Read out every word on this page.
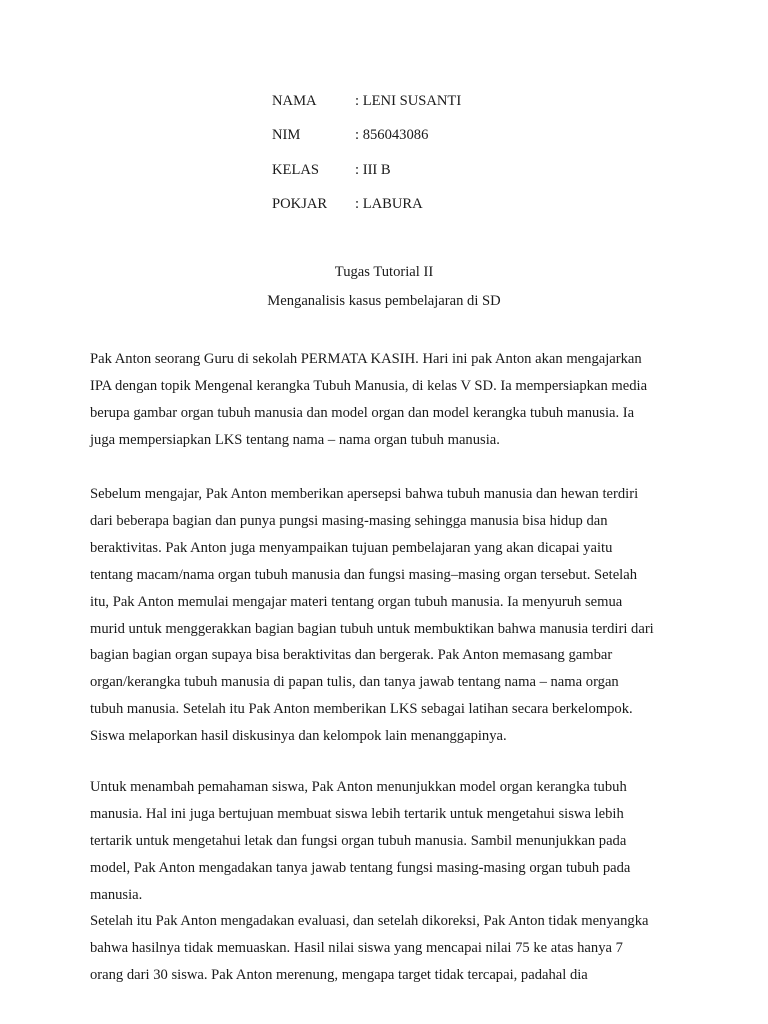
NAMA	: LENI SUSANTI
NIM	: 856043086
KELAS	: III B
POKJAR	: LABURA
Tugas Tutorial II
Menganalisis kasus pembelajaran di SD

Pak Anton seorang Guru di sekolah PERMATA KASIH. Hari ini pak Anton akan mengajarkan
IPA dengan topik Mengenal kerangka Tubuh Manusia, di kelas V SD. Ia mempersiapkan media
berupa gambar organ tubuh manusia dan model organ dan model kerangka tubuh manusia. Ia
juga mempersiapkan LKS tentang nama – nama organ tubuh manusia.

Sebelum mengajar, Pak Anton memberikan apersepsi bahwa tubuh manusia dan hewan terdiri
dari beberapa bagian dan punya pungsi masing-masing sehingga manusia bisa hidup dan
beraktivitas. Pak Anton juga menyampaikan tujuan pembelajaran yang akan dicapai yaitu
tentang macam/nama organ tubuh manusia dan fungsi masing–masing organ tersebut. Setelah
itu, Pak Anton memulai mengajar materi tentang organ tubuh manusia. Ia menyuruh semua
murid untuk menggerakkan bagian bagian tubuh untuk membuktikan bahwa manusia terdiri dari
bagian bagian organ supaya bisa beraktivitas dan bergerak. Pak Anton memasang gambar
organ/kerangka tubuh manusia di papan tulis, dan tanya jawab tentang nama – nama organ
tubuh manusia. Setelah itu Pak Anton memberikan LKS sebagai latihan secara berkelompok.
Siswa melaporkan hasil diskusinya dan kelompok lain menanggapinya.

Untuk menambah pemahaman siswa, Pak Anton menunjukkan model organ kerangka tubuh
manusia. Hal ini juga bertujuan membuat siswa lebih tertarik untuk mengetahui siswa lebih
tertarik untuk mengetahui letak dan fungsi organ tubuh manusia. Sambil menunjukkan pada
model, Pak Anton mengadakan tanya jawab tentang fungsi masing-masing organ tubuh pada
manusia.

Setelah itu Pak Anton mengadakan evaluasi, dan setelah dikoreksi, Pak Anton tidak menyangka
bahwa hasilnya tidak memuaskan. Hasil nilai siswa yang mencapai nilai 75 ke atas hanya 7
orang dari 30 siswa. Pak Anton merenung, mengapa target tidak tercapai, padahal dia
